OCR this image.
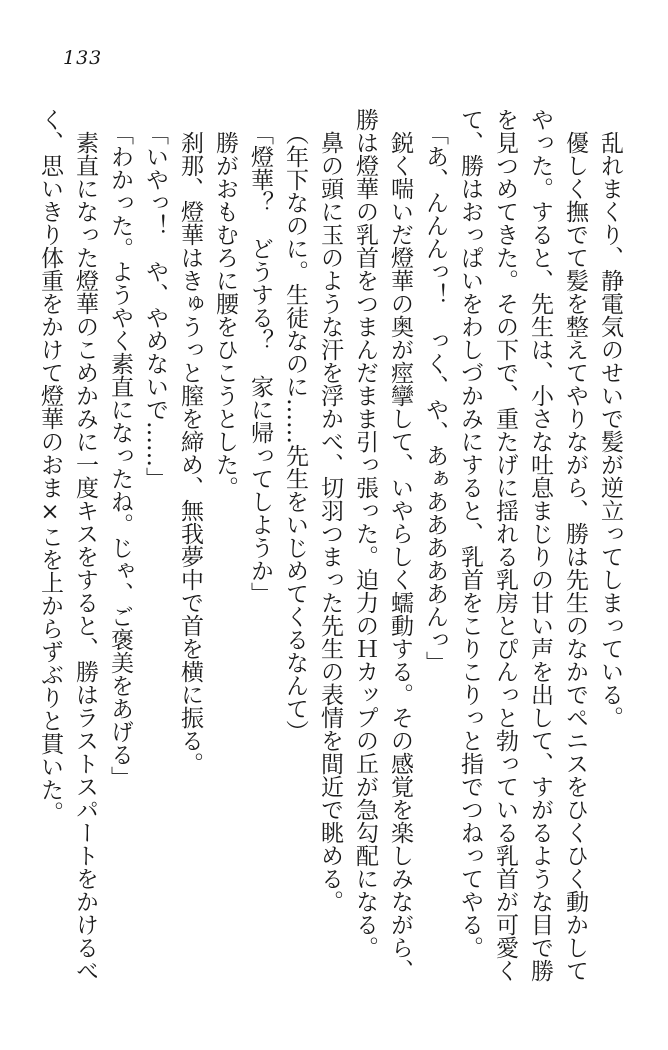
133

乱れまくり、静電気のせいで髪が逆立ってしまっている。

優しく撫でて髪を整えてやりながら、勝は先生のなかでペニスをひくひく動かして

やった。すると、先生は、小さな吐息まじりの甘い声を出して、すがるような目で勝

を見つめてきた。その下で、重たげに揺れる乳房とぴんっと勃っている乳首が可愛く

て、勝はおっぱいをわしづかみにすると、乳首をこりこりっと指でつねってやる。

「あ、んんんっ！　っく、や、あぁあああああんっ」

鋭く喘いだ燈華の奥が痙攣して、いやらしく蠕動する。その感覚を楽しみながら、

勝は燈華の乳首をつまんだまま引っ張った。迫力のＨカップの丘が急勾配になる。

鼻の頭に玉のような汗を浮かべ、切羽つまった先生の表情を間近で眺める。

（年下なのに。生徒なのに……先生をいじめてくるなんて）

「燈華？　どうする？　家に帰ってしようか」

勝がおもむろに腰をひこうとした。

刹那、燈華はきゅうっと膣を締め、無我夢中で首を横に振る。

「いやっ！　や、やめないで……」

「わかった。ようやく素直になったね。じゃ、ご褒美をあげる」

素直になった燈華のこめかみに一度キスをすると、勝はラストスパートをかけるべ

く、思いきり体重をかけて燈華のおま×こを上からずぶりと貫いた。
